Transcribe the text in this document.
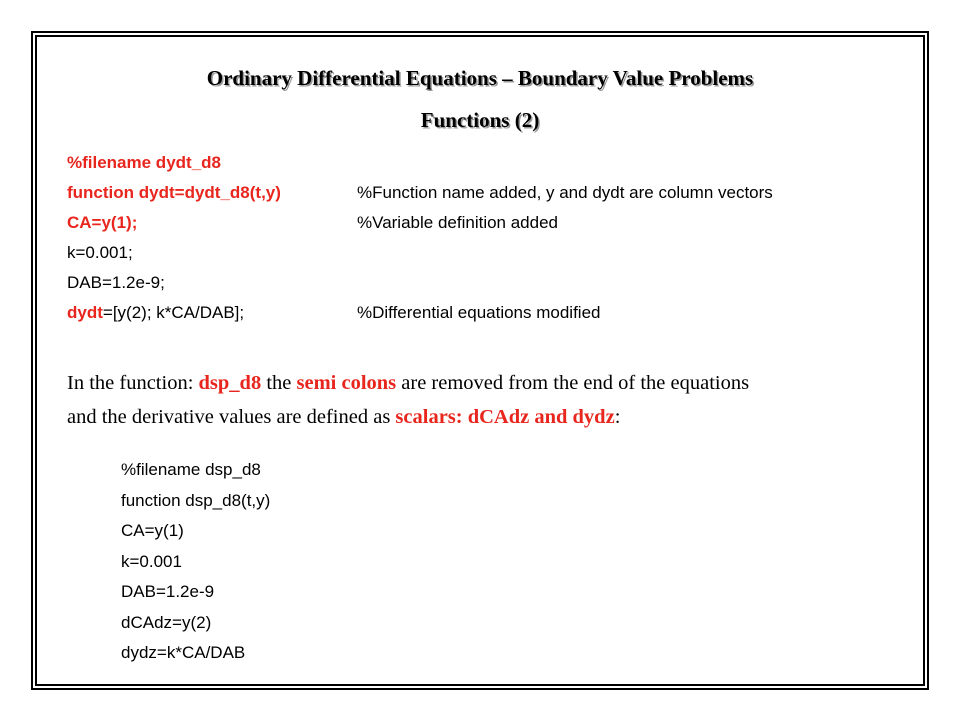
Ordinary Differential Equations – Boundary Value Problems
Functions (2)
%filename dydt_d8
function dydt=dydt_d8(t,y)
CA=y(1);
k=0.001;
DAB=1.2e-9;
dydt=[y(2); k*CA/DAB];
%Function name added, y and dydt are column vectors
%Variable definition added
%Differential equations modified
In the function: dsp_d8 the semi colons are removed from the end of the equations
and the derivative values are defined as scalars: dCAdz and dydz:
%filename dsp_d8
function dsp_d8(t,y)
CA=y(1)
k=0.001
DAB=1.2e-9
dCAdz=y(2)
dydz=k*CA/DAB
